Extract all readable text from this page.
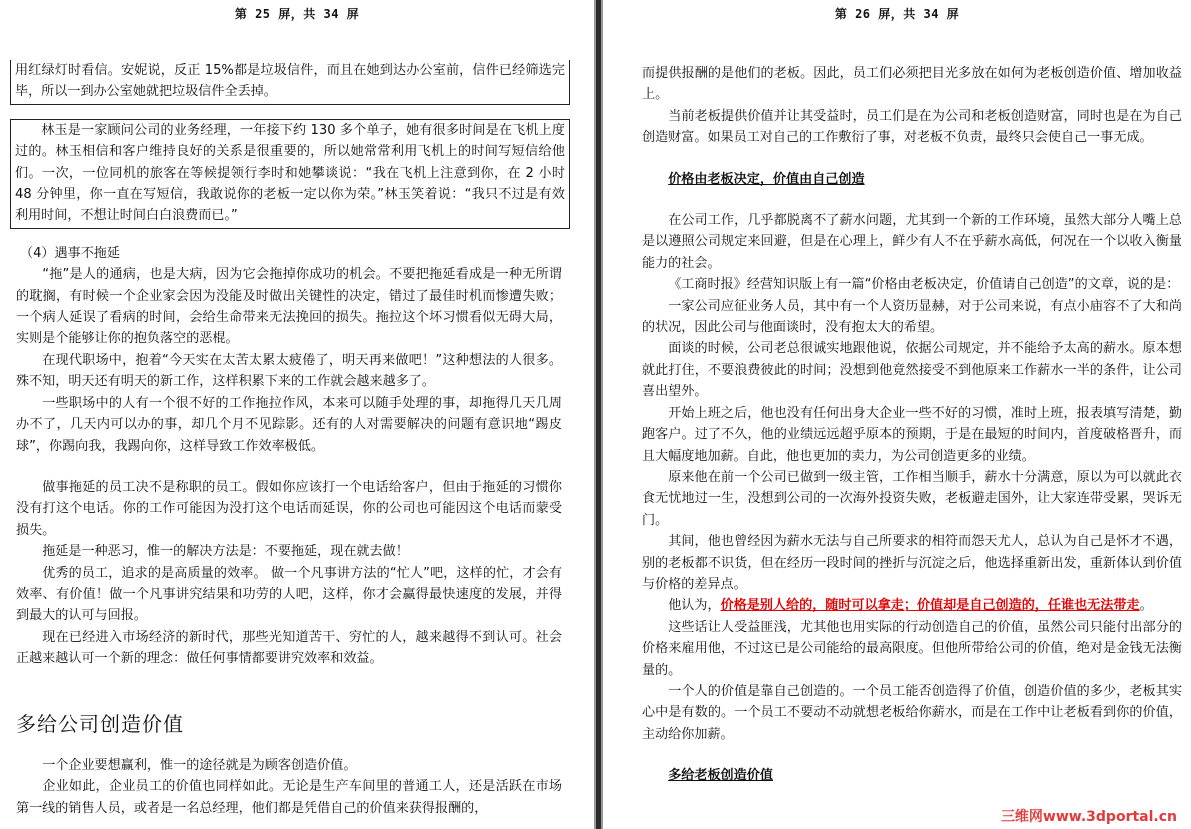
第 25 屏，共 34 屏

用红绿灯时看信。安妮说，反正 15%都是垃圾信件，而且在她到达办公室前，信件已经筛选完毕，所以一到办公室她就把垃圾信件全丢掉。

林玉是一家顾问公司的业务经理，一年接下约 130 多个单子，她有很多时间是在飞机上度过的。林玉相信和客户维持良好的关系是很重要的，所以她常常利用飞机上的时间写短信给他们。一次，一位同机的旅客在等候提领行李时和她攀谈说：“我在飞机上注意到你，在 2 小时 48 分钟里，你一直在写短信，我敢说你的老板一定以你为荣。”林玉笑着说：“我只不过是有效利用时间，不想让时间白白浪费而已。”

（4）遇事不拖延

“拖”是人的通病，也是大病，因为它会拖掉你成功的机会。不要把拖延看成是一种无所谓的耽搁，有时候一个企业家会因为没能及时做出关键性的决定，错过了最佳时机而惨遭失败；一个病人延误了看病的时间，会给生命带来无法挽回的损失。拖拉这个坏习惯看似无碍大局，实则是个能够让你的抱负落空的恶棍。

在现代职场中，抱着“今天实在太苦太累太疲倦了，明天再来做吧！”这种想法的人很多。殊不知，明天还有明天的新工作，这样积累下来的工作就会越来越多了。

一些职场中的人有一个很不好的工作拖拉作风，本来可以随手处理的事，却拖得几天几周办不了，几天内可以办的事，却几个月不见踪影。还有的人对需要解决的问题有意识地“踢皮球”，你踢向我，我踢向你，这样导致工作效率极低。

做事拖延的员工决不是称职的员工。假如你应该打一个电话给客户，但由于拖延的习惯你没有打这个电话。你的工作可能因为没打这个电话而延误，你的公司也可能因这个电话而蒙受损失。

拖延是一种恶习，惟一的解决方法是：不要拖延，现在就去做！

优秀的员工，追求的是高质量的效率。 做一个凡事讲方法的“忙人”吧，这样的忙，才会有效率、有价值！做一个凡事讲究结果和功劳的人吧，这样，你才会赢得最快速度的发展，并得到最大的认可与回报。

现在已经进入市场经济的新时代，那些光知道苦干、穷忙的人，越来越得不到认可。社会正越来越认可一个新的理念：做任何事情都要讲究效率和效益。

多给公司创造价值

一个企业要想赢利，惟一的途径就是为顾客创造价值。

企业如此，企业员工的价值也同样如此。无论是生产车间里的普通工人，还是活跃在市场第一线的销售人员，或者是一名总经理，他们都是凭借自己的价值来获得报酬的，

第 26 屏，共 34 屏

而提供报酬的是他们的老板。因此，员工们必须把目光多放在如何为老板创造价值、增加收益上。

当前老板提供价值并让其受益时，员工们是在为公司和老板创造财富，同时也是在为自己创造财富。如果员工对自己的工作敷衍了事，对老板不负责，最终只会使自己一事无成。

价格由老板决定，价值由自己创造

在公司工作，几乎都脱离不了薪水问题，尤其到一个新的工作环境，虽然大部分人嘴上总是以遵照公司规定来回避，但是在心理上，鲜少有人不在乎薪水高低，何况在一个以收入衡量能力的社会。

《工商时报》经营知识版上有一篇“价格由老板决定，价值请自己创造”的文章，说的是：

一家公司应征业务人员，其中有一个人资历显赫，对于公司来说，有点小庙容不了大和尚的状况，因此公司与他面谈时，没有抱太大的希望。

面谈的时候，公司老总很诚实地跟他说，依据公司规定，并不能给予太高的薪水。原本想就此打住，不要浪费彼此的时间；没想到他竟然接受不到他原来工作薪水一半的条件，让公司喜出望外。

开始上班之后，他也没有任何出身大企业一些不好的习惯，准时上班，报表填写清楚，勤跑客户。过了不久，他的业绩远远超乎原本的预期，于是在最短的时间内，首度破格晋升，而且大幅度地加薪。自此，他也更加的卖力，为公司创造更多的业绩。

原来他在前一个公司已做到一级主管，工作相当顺手，薪水十分满意，原以为可以就此衣食无忧地过一生，没想到公司的一次海外投资失败，老板避走国外，让大家连带受累，哭诉无门。

其间，他也曾经因为薪水无法与自己所要求的相符而怨天尤人，总认为自己是怀才不遇，别的老板都不识货，但在经历一段时间的挫折与沉淀之后，他选择重新出发，重新体认到价值与价格的差异点。

他认为，价格是别人给的，随时可以拿走；价值却是自己创造的，任谁也无法带走。

这些话让人受益匪浅，尤其他也用实际的行动创造自己的价值，虽然公司只能付出部分的价格来雇用他，不过这已是公司能给的最高限度。但他所带给公司的价值，绝对是金钱无法衡量的。

一个人的价值是靠自己创造的。一个员工能否创造得了价值，创造价值的多少，老板其实心中是有数的。一个员工不要动不动就想老板给你薪水，而是在工作中让老板看到你的价值，主动给你加薪。

多给老板创造价值

三维网www.3dportal.cn
